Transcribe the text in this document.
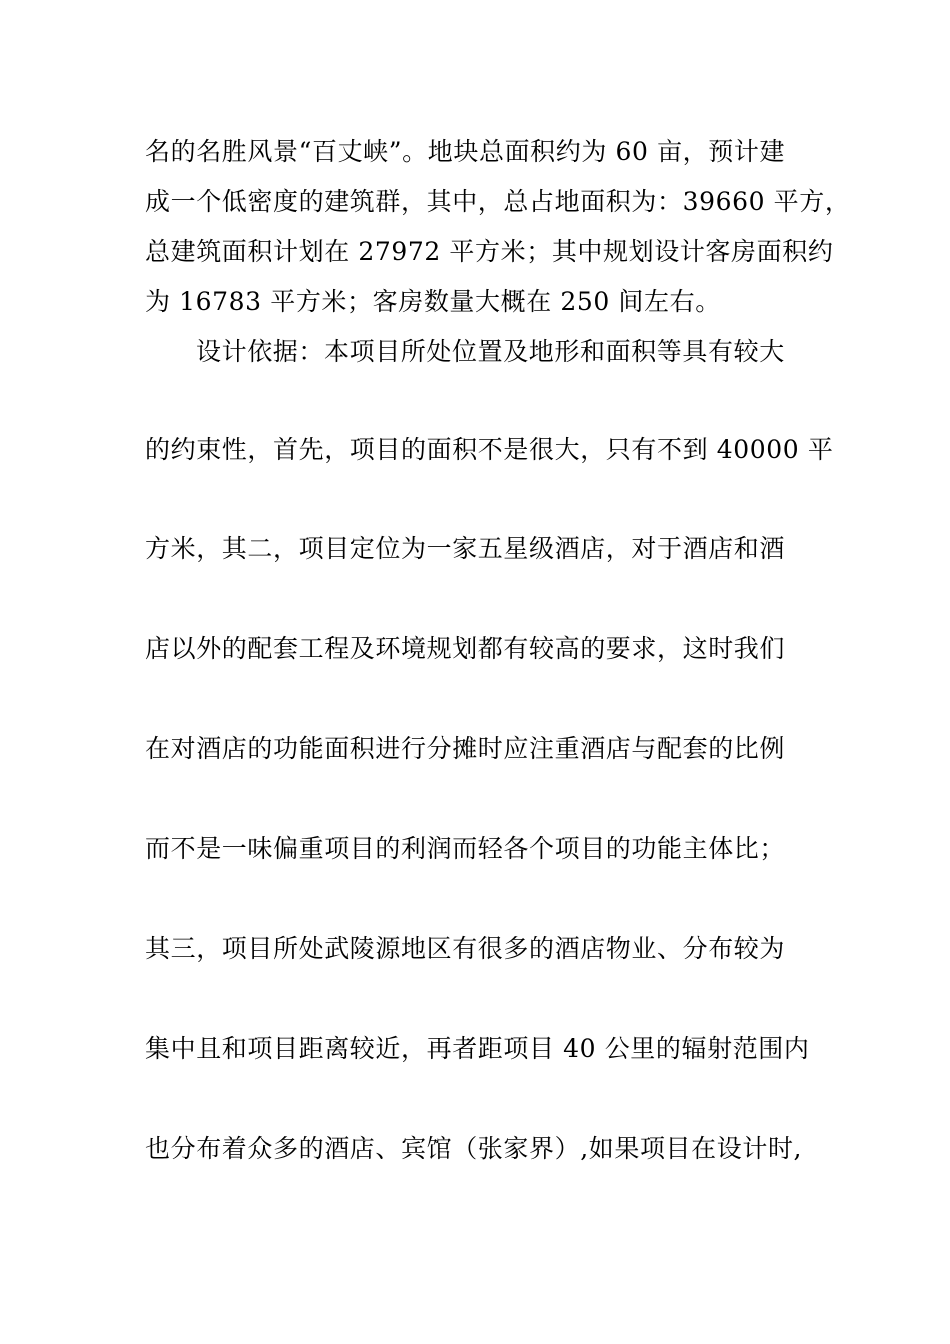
名的名胜风景“百丈峡”。地块总面积约为 60 亩，预计建
成一个低密度的建筑群，其中，总占地面积为：39660 平方，
总建筑面积计划在 27972 平方米；其中规划设计客房面积约
为 16783 平方米；客房数量大概在 250 间左右。
设计依据：本项目所处位置及地形和面积等具有较大
的约束性，首先，项目的面积不是很大，只有不到 40000 平
方米，其二，项目定位为一家五星级酒店，对于酒店和酒
店以外的配套工程及环境规划都有较高的要求，这时我们
在对酒店的功能面积进行分摊时应注重酒店与配套的比例
而不是一味偏重项目的利润而轻各个项目的功能主体比；
其三，项目所处武陵源地区有很多的酒店物业、分布较为
集中且和项目距离较近，再者距项目 40 公里的辐射范围内
也分布着众多的酒店、宾馆（张家界）,如果项目在设计时,
